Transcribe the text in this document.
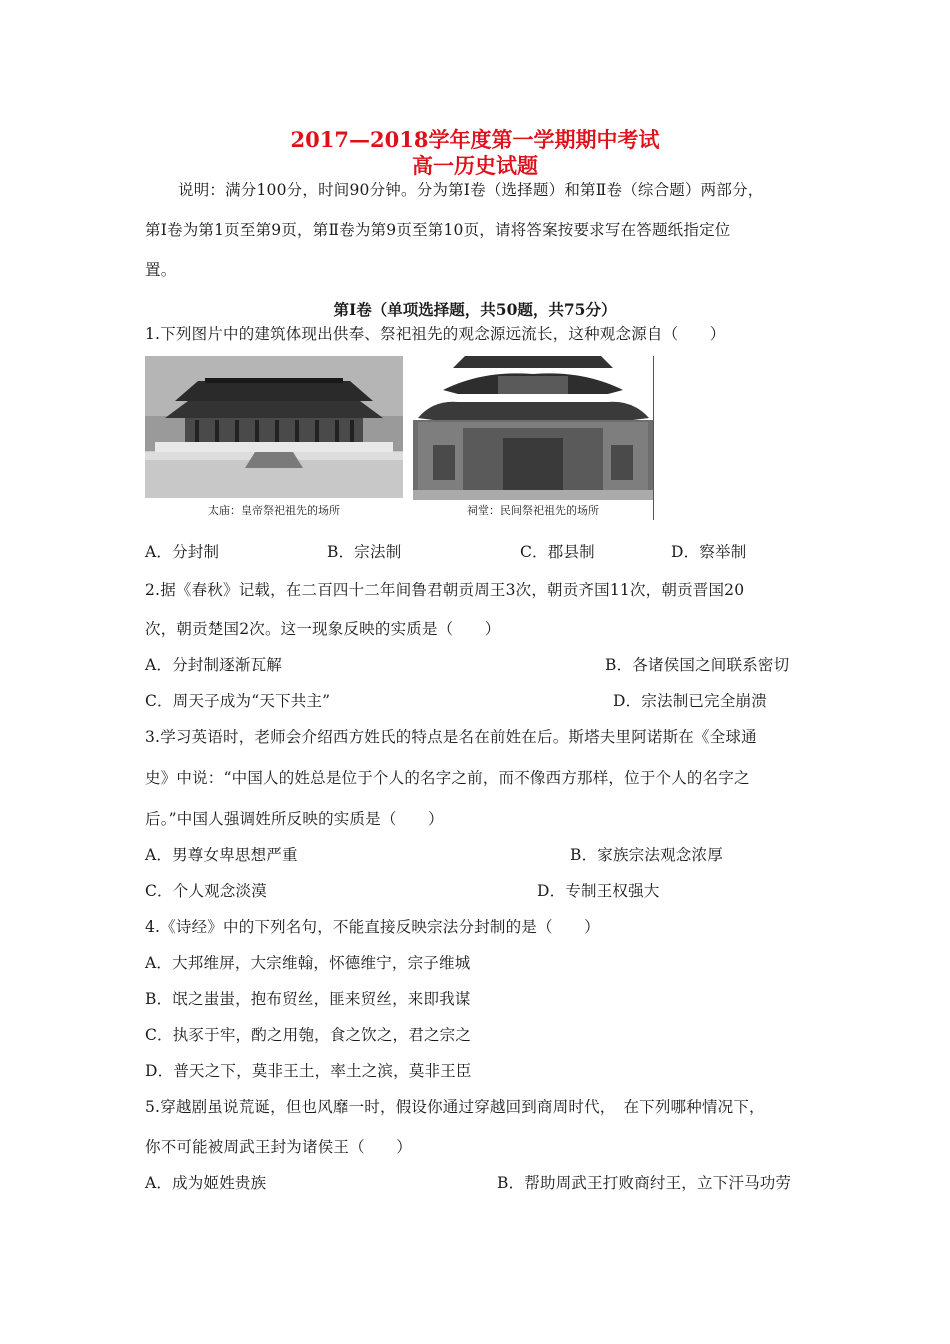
2017—2018学年度第一学期期中考试
高一历史试题
说明：满分100分，时间90分钟。分为第Ⅰ卷（选择题）和第Ⅱ卷（综合题）两部分，
第Ⅰ卷为第1页至第9页，第Ⅱ卷为第9页至第10页，请将答案按要求写在答题纸指定位
置。
第Ⅰ卷（单项选择题，共50题，共75分）
1.下列图片中的建筑体现出供奉、祭祀祖先的观念源远流长，这种观念源自（　　）
太庙：皇帝祭祀祖先的场所	祠堂：民间祭祀祖先的场所
A．分封制	B．宗法制	C．郡县制	D．察举制
2.据《春秋》记载，在二百四十二年间鲁君朝贡周王3次，朝贡齐国11次，朝贡晋国20
次，朝贡楚国2次。这一现象反映的实质是（　　）
A．分封制逐渐瓦解	B．各诸侯国之间联系密切
C．周天子成为“天下共主”	D．宗法制已完全崩溃
3.学习英语时，老师会介绍西方姓氏的特点是名在前姓在后。斯塔夫里阿诺斯在《全球通
史》中说：“中国人的姓总是位于个人的名字之前，而不像西方那样，位于个人的名字之
后。”中国人强调姓所反映的实质是（　　）
A．男尊女卑思想严重	B．家族宗法观念浓厚
C．个人观念淡漠	D．专制王权强大
4.《诗经》中的下列名句，不能直接反映宗法分封制的是（　　）
A．大邦维屏，大宗维翰，怀德维宁，宗子维城
B．氓之蚩蚩，抱布贸丝，匪来贸丝，来即我谋
C．执豕于牢，酌之用匏，食之饮之，君之宗之
D．普天之下，莫非王土，率土之滨，莫非王臣
5.穿越剧虽说荒诞，但也风靡一时，假设你通过穿越回到商周时代，　在下列哪种情况下，
你不可能被周武王封为诸侯王（　　）
A．成为姬姓贵族	B．帮助周武王打败商纣王，立下汗马功劳
